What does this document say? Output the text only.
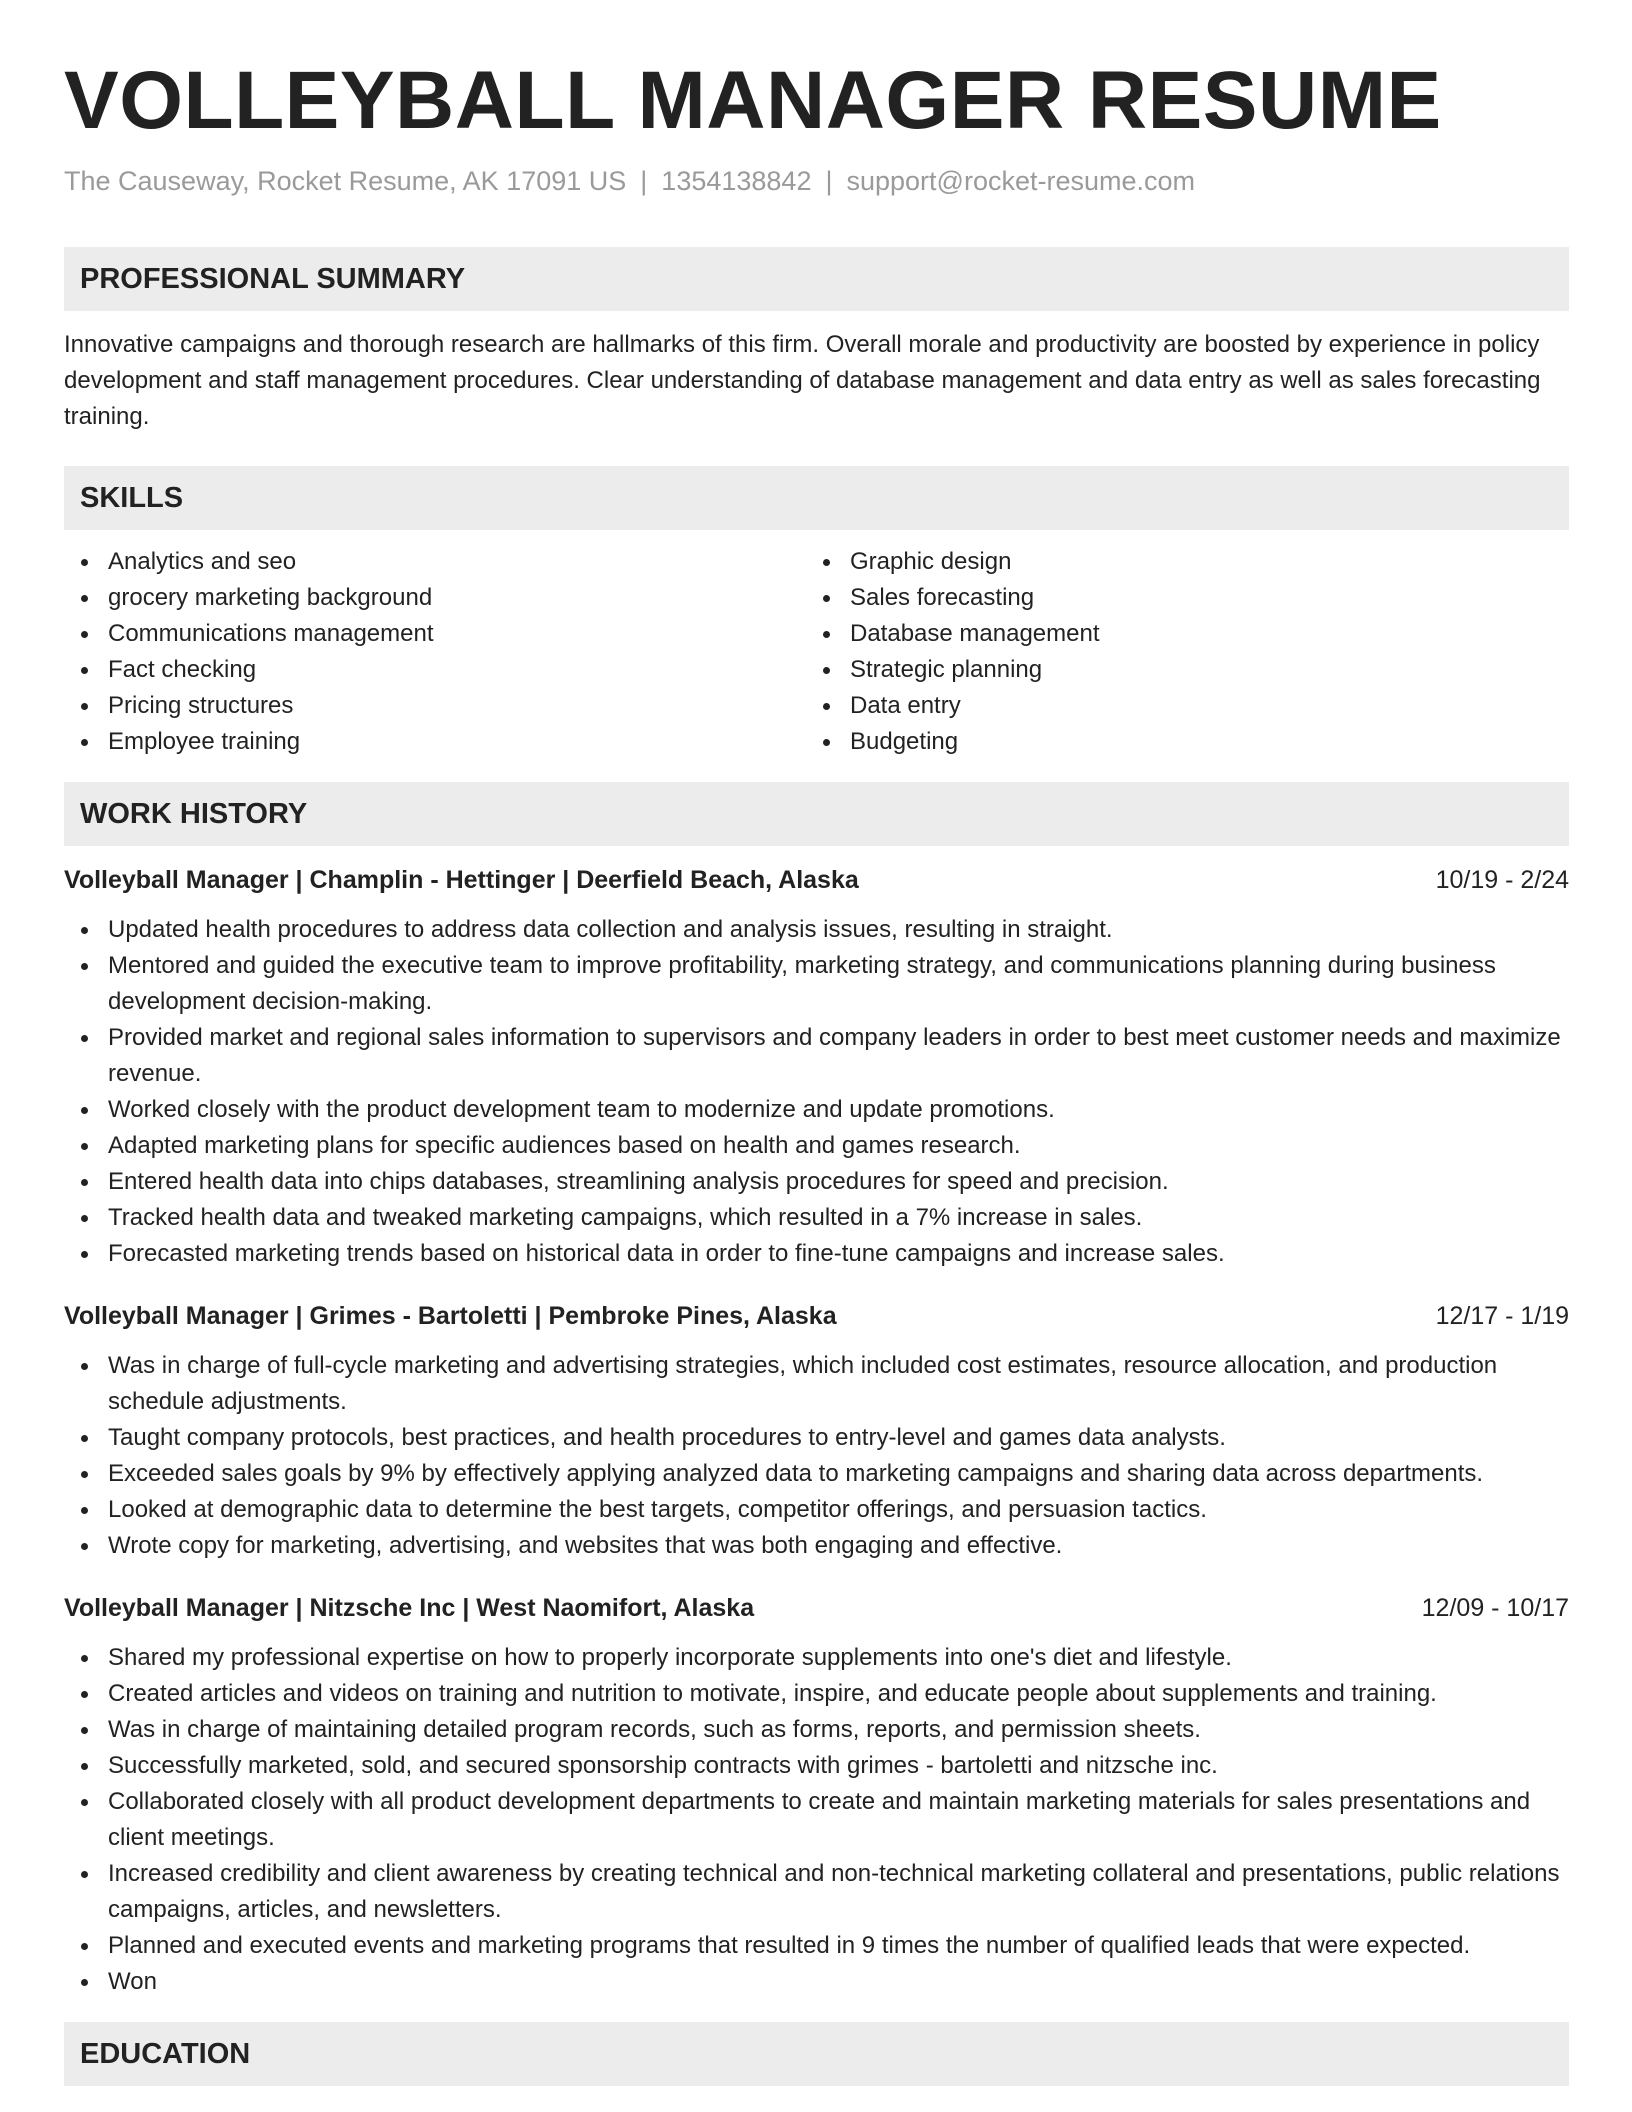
VOLLEYBALL MANAGER RESUME
The Causeway, Rocket Resume, AK 17091 US | 1354138842 | support@rocket-resume.com
PROFESSIONAL SUMMARY

Innovative campaigns and thorough research are hallmarks of this firm. Overall morale and productivity are boosted by experience in policy development and staff management procedures. Clear understanding of database management and data entry as well as sales forecasting training.

SKILLS
Analytics and seo
grocery marketing background
Communications management
Fact checking
Pricing structures
Employee training
Graphic design
Sales forecasting
Database management
Strategic planning
Data entry
Budgeting
WORK HISTORY
Volleyball Manager | Champlin - Hettinger | Deerfield Beach, Alaska	10/19 - 2/24
Updated health procedures to address data collection and analysis issues, resulting in straight.
Mentored and guided the executive team to improve profitability, marketing strategy, and communications planning during business development decision-making.
Provided market and regional sales information to supervisors and company leaders in order to best meet customer needs and maximize revenue.
Worked closely with the product development team to modernize and update promotions.
Adapted marketing plans for specific audiences based on health and games research.
Entered health data into chips databases, streamlining analysis procedures for speed and precision.
Tracked health data and tweaked marketing campaigns, which resulted in a 7% increase in sales.
Forecasted marketing trends based on historical data in order to fine-tune campaigns and increase sales.
Volleyball Manager | Grimes - Bartoletti | Pembroke Pines, Alaska	12/17 - 1/19
Was in charge of full-cycle marketing and advertising strategies, which included cost estimates, resource allocation, and production schedule adjustments.
Taught company protocols, best practices, and health procedures to entry-level and games data analysts.
Exceeded sales goals by 9% by effectively applying analyzed data to marketing campaigns and sharing data across departments.
Looked at demographic data to determine the best targets, competitor offerings, and persuasion tactics.
Wrote copy for marketing, advertising, and websites that was both engaging and effective.
Volleyball Manager | Nitzsche Inc | West Naomifort, Alaska	12/09 - 10/17
Shared my professional expertise on how to properly incorporate supplements into one's diet and lifestyle.
Created articles and videos on training and nutrition to motivate, inspire, and educate people about supplements and training.
Was in charge of maintaining detailed program records, such as forms, reports, and permission sheets.
Successfully marketed, sold, and secured sponsorship contracts with grimes - bartoletti and nitzsche inc.
Collaborated closely with all product development departments to create and maintain marketing materials for sales presentations and client meetings.
Increased credibility and client awareness by creating technical and non-technical marketing collateral and presentations, public relations campaigns, articles, and newsletters.
Planned and executed events and marketing programs that resulted in 9 times the number of qualified leads that were expected.
Won
EDUCATION
